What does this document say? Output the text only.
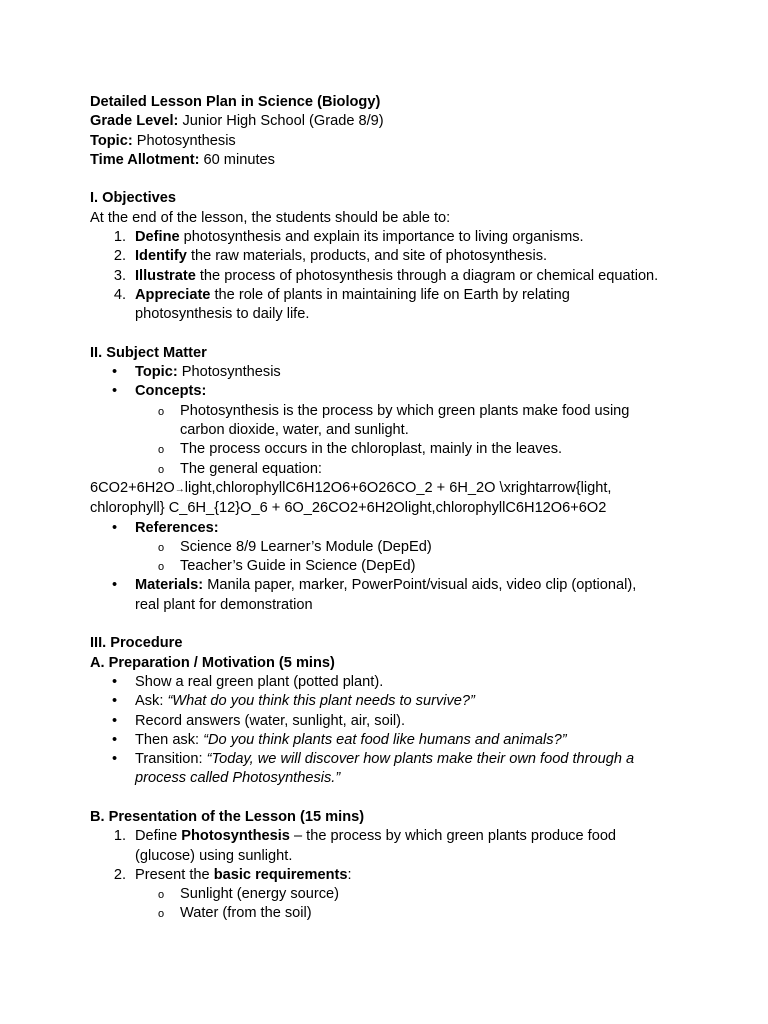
Detailed Lesson Plan in Science (Biology)
Grade Level: Junior High School (Grade 8/9)
Topic: Photosynthesis
Time Allotment: 60 minutes
I. Objectives
At the end of the lesson, the students should be able to:
1. Define photosynthesis and explain its importance to living organisms.
2. Identify the raw materials, products, and site of photosynthesis.
3. Illustrate the process of photosynthesis through a diagram or chemical equation.
4. Appreciate the role of plants in maintaining life on Earth by relating
photosynthesis to daily life.
II. Subject Matter
• Topic: Photosynthesis
• Concepts:
o Photosynthesis is the process by which green plants make food using
carbon dioxide, water, and sunlight.
o The process occurs in the chloroplast, mainly in the leaves.
o The general equation:
6CO2+6H2O→light,chlorophyllC6H12O6+6O26CO_2 + 6H_2O \xrightarrow{light,
chlorophyll} C_6H_{12}O_6 + 6O_26CO2+6H2Olight,chlorophyllC6H12O6+6O2
• References:
o Science 8/9 Learner’s Module (DepEd)
o Teacher’s Guide in Science (DepEd)
• Materials: Manila paper, marker, PowerPoint/visual aids, video clip (optional),
real plant for demonstration
III. Procedure
A. Preparation / Motivation (5 mins)
• Show a real green plant (potted plant).
• Ask: “What do you think this plant needs to survive?”
• Record answers (water, sunlight, air, soil).
• Then ask: “Do you think plants eat food like humans and animals?”
• Transition: “Today, we will discover how plants make their own food through a
process called Photosynthesis.”
B. Presentation of the Lesson (15 mins)
1. Define Photosynthesis – the process by which green plants produce food
(glucose) using sunlight.
2. Present the basic requirements:
o Sunlight (energy source)
o Water (from the soil)
